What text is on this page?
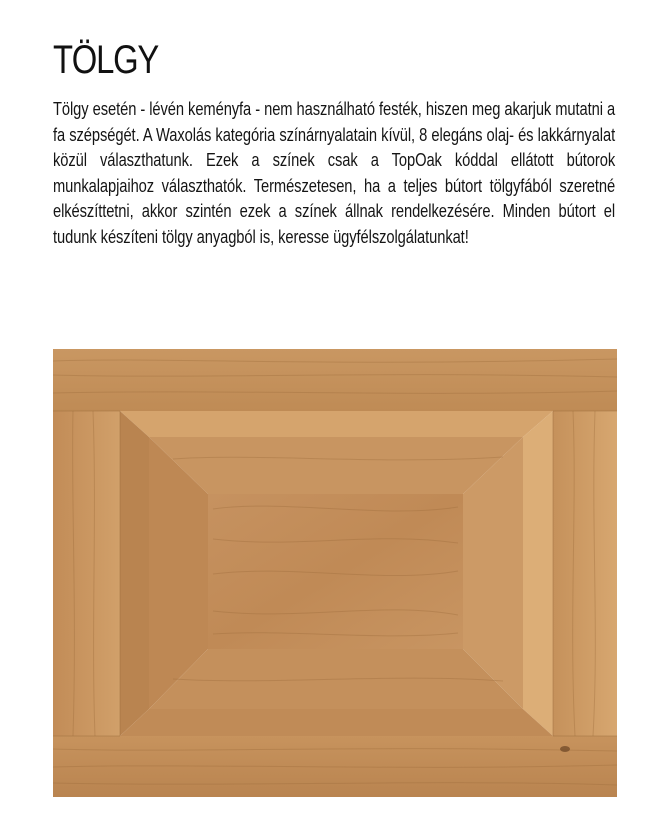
TÖLGY

Tölgy esetén - lévén keményfa - nem használható festék, hiszen meg akarjuk mutatni a fa szépségét. A Waxolás kategória színárnyalatain kívül, 8 elegáns olaj- és lakkárnyalat közül választhatunk. Ezek a színek csak a TopOak kóddal ellátott bútorok munkalapjaihoz választhatók. Természetesen, ha a teljes bútort tölgyfából szeretné elkészíttetni, akkor szintén ezek a színek állnak rendelkezésére. Minden bútort el tudunk készíteni tölgy anyagból is, keresse ügyfélszolgálatunkat!
